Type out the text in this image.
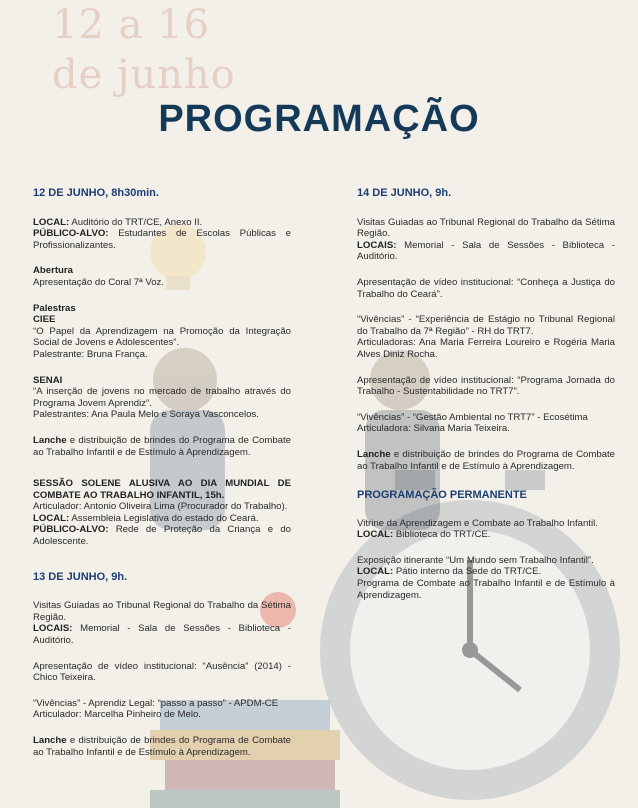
12 a 16
de junho
PROGRAMAÇÃO
12 DE JUNHO, 8h30min.
LOCAL: Auditório do TRT/CE, Anexo II.
PÚBLICO-ALVO: Estudantes de Escolas Públicas e Profissionalizantes.
Abertura
Apresentação do Coral 7ª Voz.
Palestras
CIEE
“O Papel da Aprendizagem na Promoção da Integração Social de Jovens e Adolescentes”.
Palestrante: Bruna França.
SENAI
“A inserção de jovens no mercado de trabalho através do Programa Jovem Aprendiz”.
Palestrantes: Ana Paula Melo e Soraya Vasconcelos.
Lanche e distribuição de brindes do Programa de Combate ao Trabalho Infantil e de Estímulo à Aprendizagem.
SESSÃO SOLENE ALUSIVA AO DIA MUNDIAL DE COMBATE AO TRABALHO INFANTIL, 15h.
Articulador: Antonio Oliveira Lima (Procurador do Trabalho).
LOCAL: Assembleia Legislativa do estado do Ceará.
PÚBLICO-ALVO: Rede de Proteção da Criança e do Adolescente.
13 DE JUNHO, 9h.
Visitas Guiadas ao Tribunal Regional do Trabalho da Sétima Região.
LOCAIS: Memorial - Sala de Sessões - Biblioteca - Auditório.
Apresentação de vídeo institucional: “Ausência” (2014) - Chico Teixeira.
“Vivências” - Aprendiz Legal: “passo a passo” - APDM-CE
Articulador: Marcelha Pinheiro de Melo.
Lanche e distribuição de brindes do Programa de Combate ao Trabalho Infantil e de Estímulo à Aprendizagem.
14 DE JUNHO, 9h.
Visitas Guiadas ao Tribunal Regional do Trabalho da Sétima Região.
LOCAIS: Memorial - Sala de Sessões - Biblioteca - Auditório.
Apresentação de vídeo institucional: “Conheça a Justiça do Trabalho do Ceará”.
“Vivências” - “Experiência de Estágio no Tribunal Regional do Trabalho da 7ª Região” - RH do TRT7.
Articuladoras: Ana Maria Ferreira Loureiro e Rogéria Maria Alves Diniz Rocha.
Apresentação de vídeo institucional: “Programa Jornada do Trabalho - Sustentabilidade no TRT7”.
“Vivências” - “Gestão Ambiental no TRT7” - Ecosétima
Articuladora: Silvana Maria Teixeira.
Lanche e distribuição de brindes do Programa de Combate ao Trabalho Infantil e de Estímulo à Aprendizagem.
PROGRAMAÇÃO PERMANENTE
Vitrine da Aprendizagem e Combate ao Trabalho Infantil.
LOCAL: Biblioteca do TRT/CE.
Exposição itinerante “Um Mundo sem Trabalho Infantil”.
LOCAL: Pátio interno da Sede do TRT/CE.
Programa de Combate ao Trabalho Infantil e de Estímulo à Aprendizagem.
